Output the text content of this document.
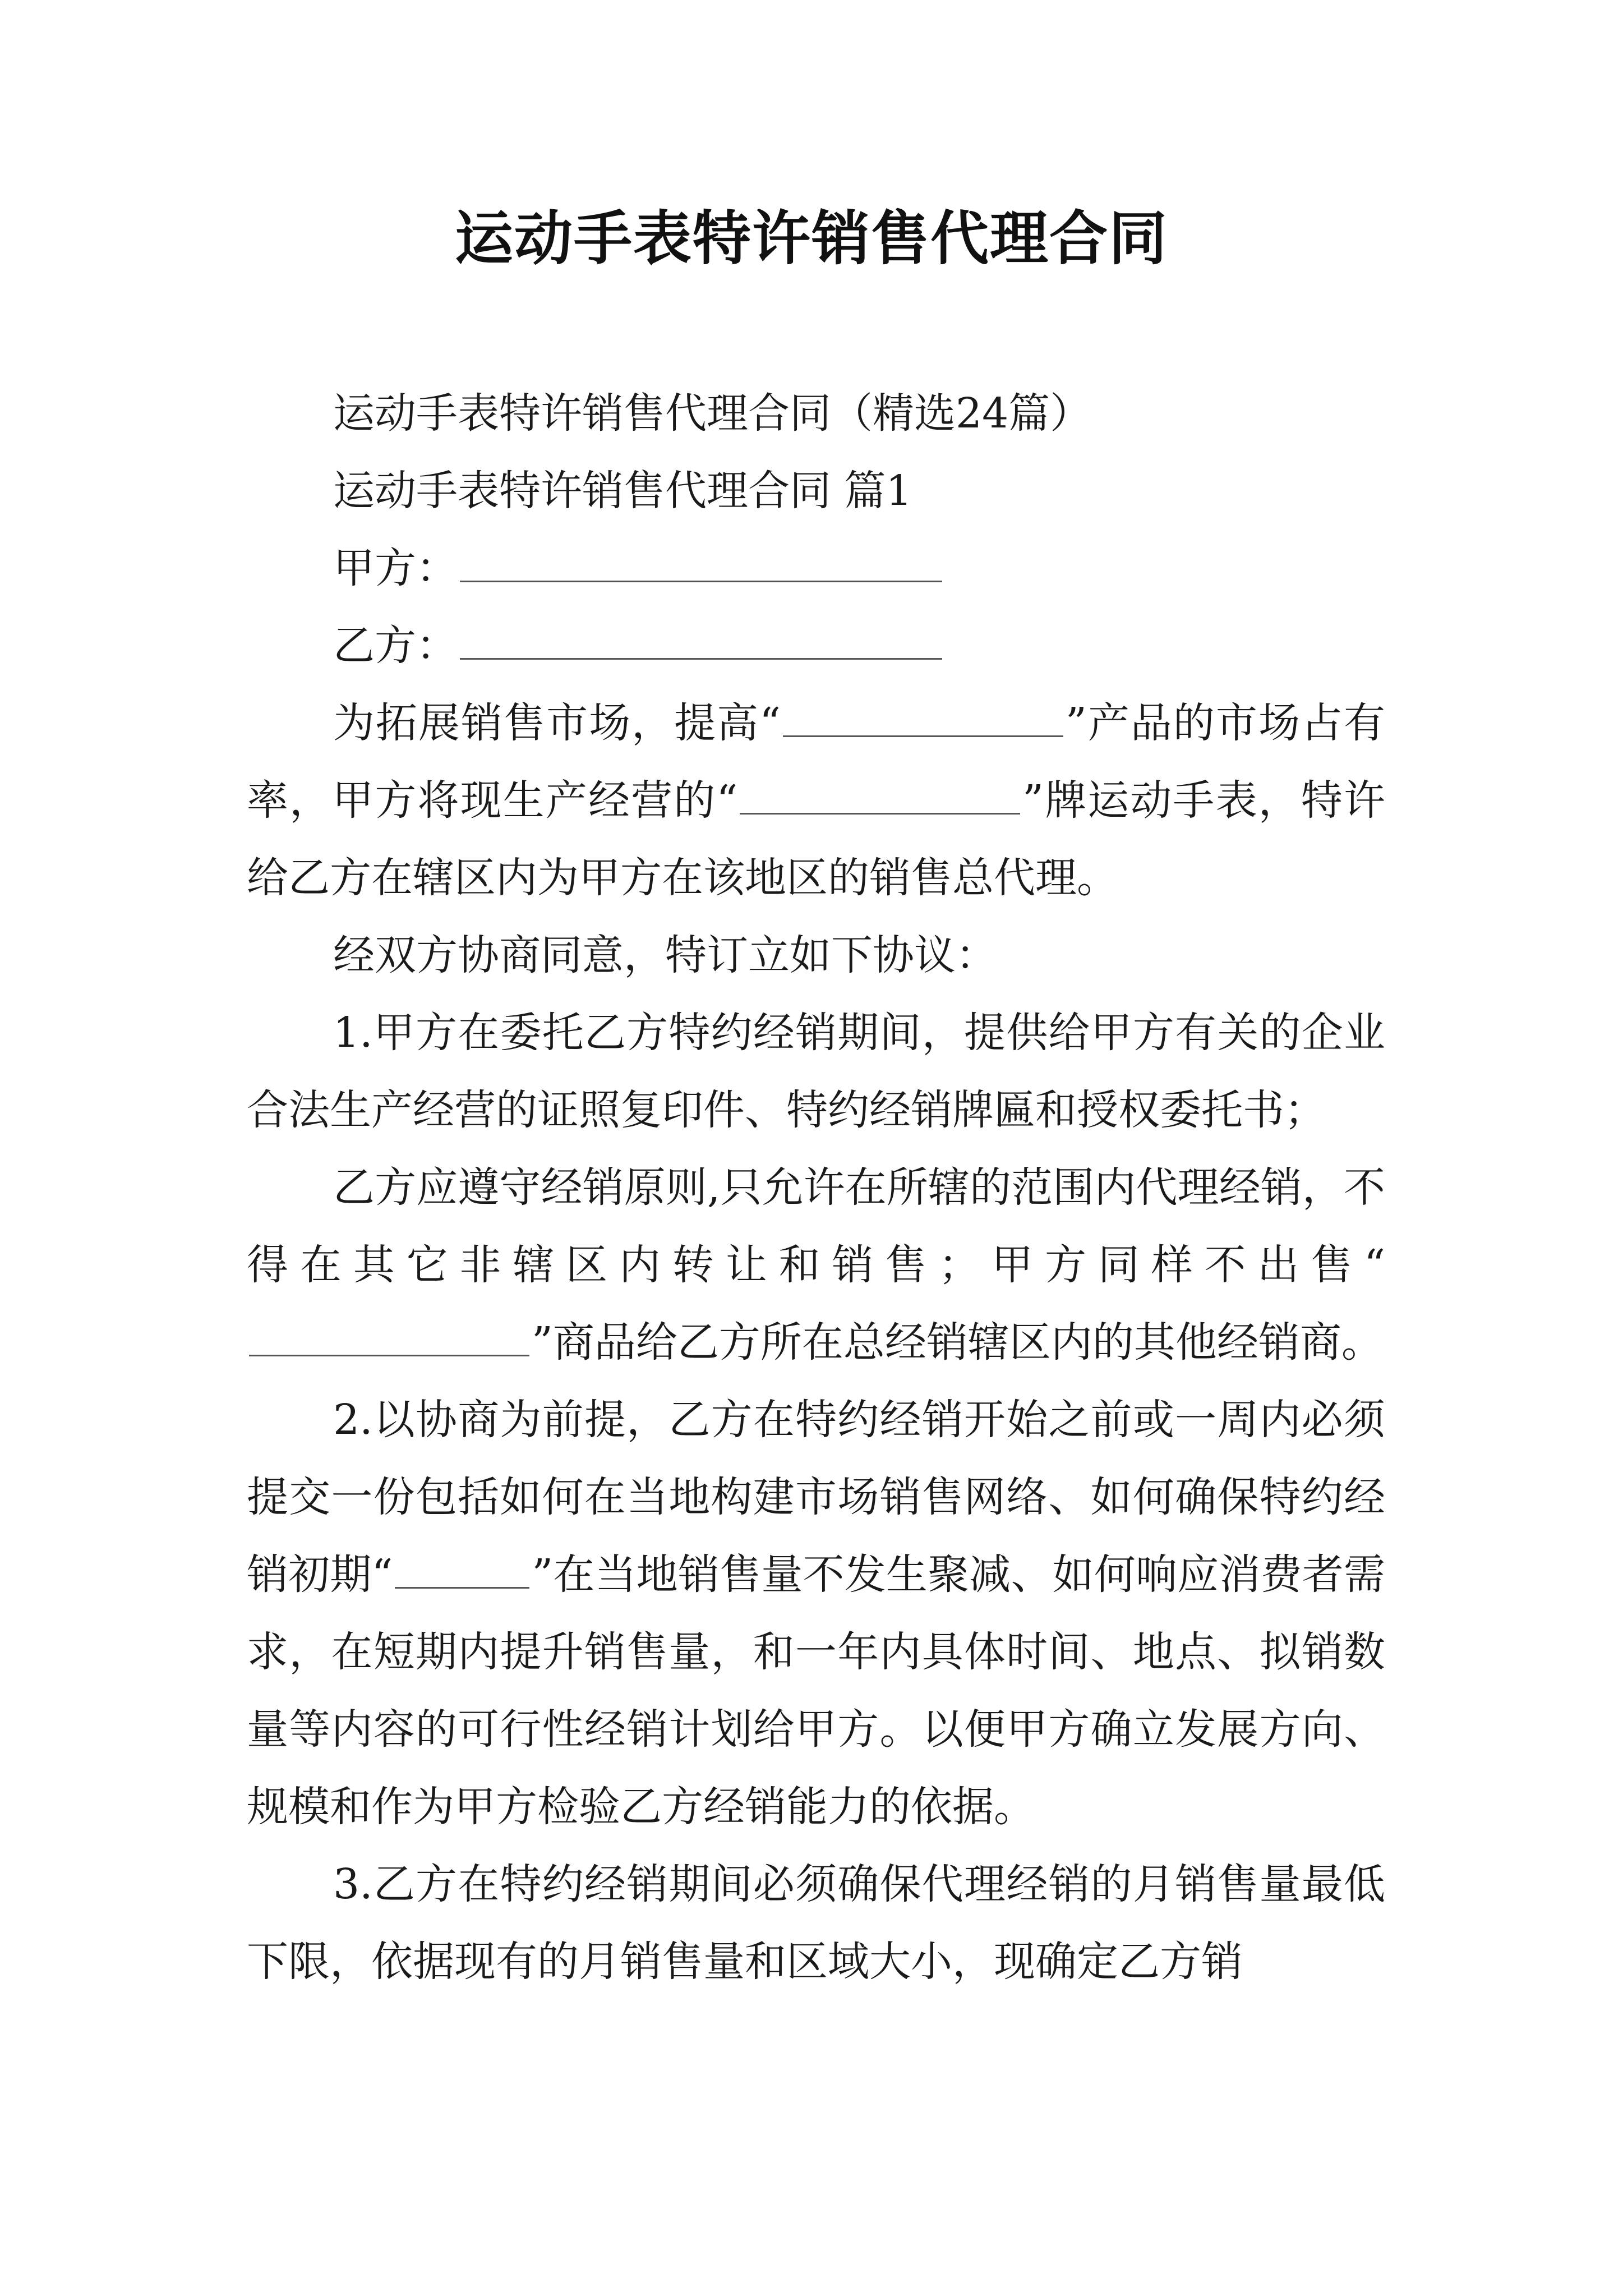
运动手表特许销售代理合同

运动手表特许销售代理合同（精选24篇）

运动手表特许销售代理合同 篇1

甲方：

乙方：

为拓展销售市场，提高“	”产品的市场占有率，甲方将现生产经营的“	”牌运动手表，特许给乙方在辖区内为甲方在该地区的销售总代理。

经双方协商同意，特订立如下协议：

1.甲方在委托乙方特约经销期间，提供给甲方有关的企业合法生产经营的证照复印件、特约经销牌匾和授权委托书；

乙方应遵守经销原则,只允许在所辖的范围内代理经销，不得在其它非辖区内转让和销售；甲方同样不出售“”商品给乙方所在总经销辖区内的其他经销商。

2.以协商为前提，乙方在特约经销开始之前或一周内必须提交一份包括如何在当地构建市场销售网络、如何确保特约经销初期“	”在当地销售量不发生聚减、如何响应消费者需求，在短期内提升销售量，和一年内具体时间、地点、拟销数量等内容的可行性经销计划给甲方。以便甲方确立发展方向、规模和作为甲方检验乙方经销能力的依据。

3.乙方在特约经销期间必须确保代理经销的月销售量最低下限，依据现有的月销售量和区域大小，现确定乙方销
